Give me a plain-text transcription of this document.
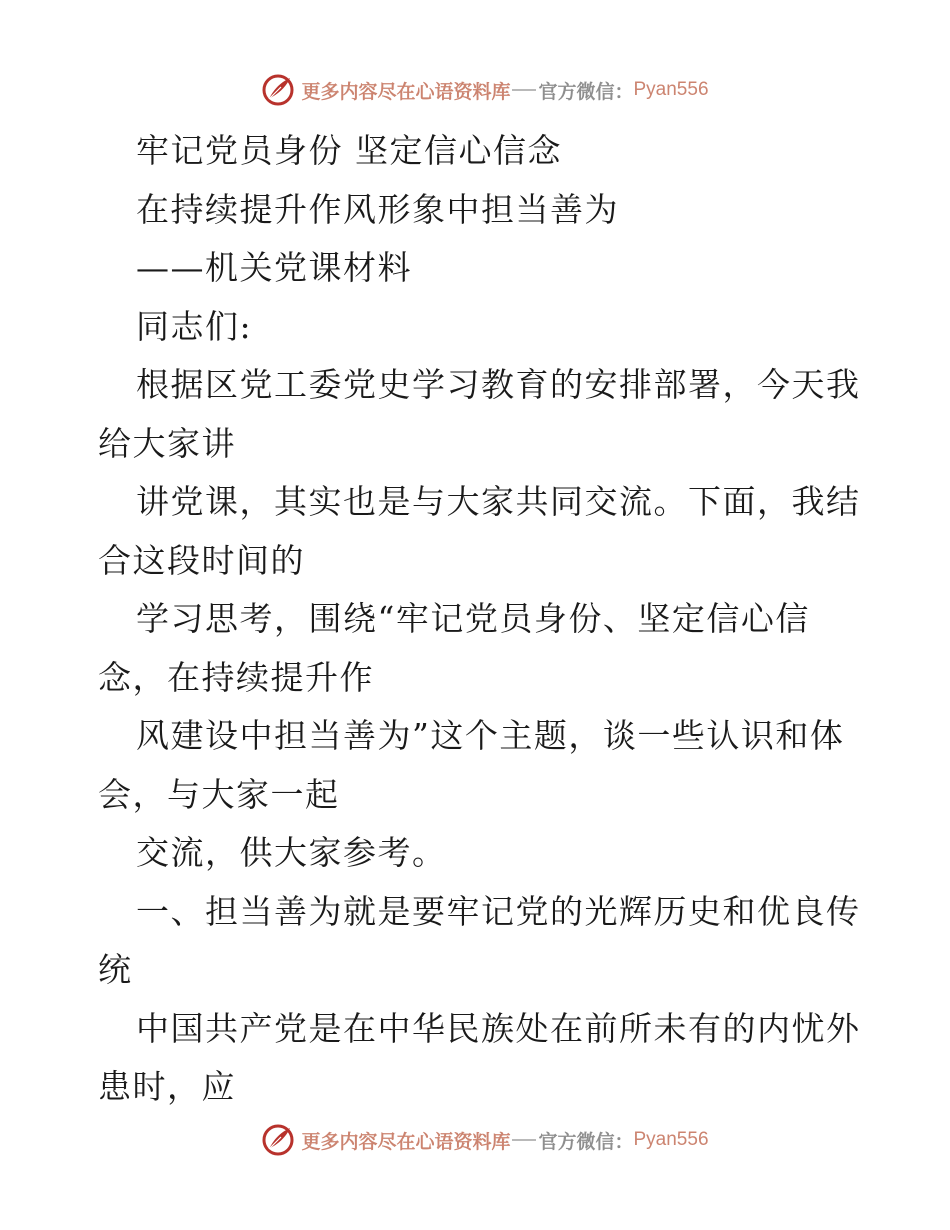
更多内容尽在心语资料库 官方微信： Pyan556
牢记党员身份 坚定信心信念
在持续提升作风形象中担当善为
——机关党课材料
同志们:
根据区党工委党史学习教育的安排部署，今天我
给大家讲
讲党课，其实也是与大家共同交流。下面，我结
合这段时间的
学习思考，围绕“牢记党员身份、坚定信心信
念，在持续提升作
风建设中担当善为”这个主题，谈一些认识和体
会，与大家一起
交流，供大家参考。
一、担当善为就是要牢记党的光辉历史和优良传
统
中国共产党是在中华民族处在前所未有的内忧外
患时，应
更多内容尽在心语资料库 官方微信： Pyan556
